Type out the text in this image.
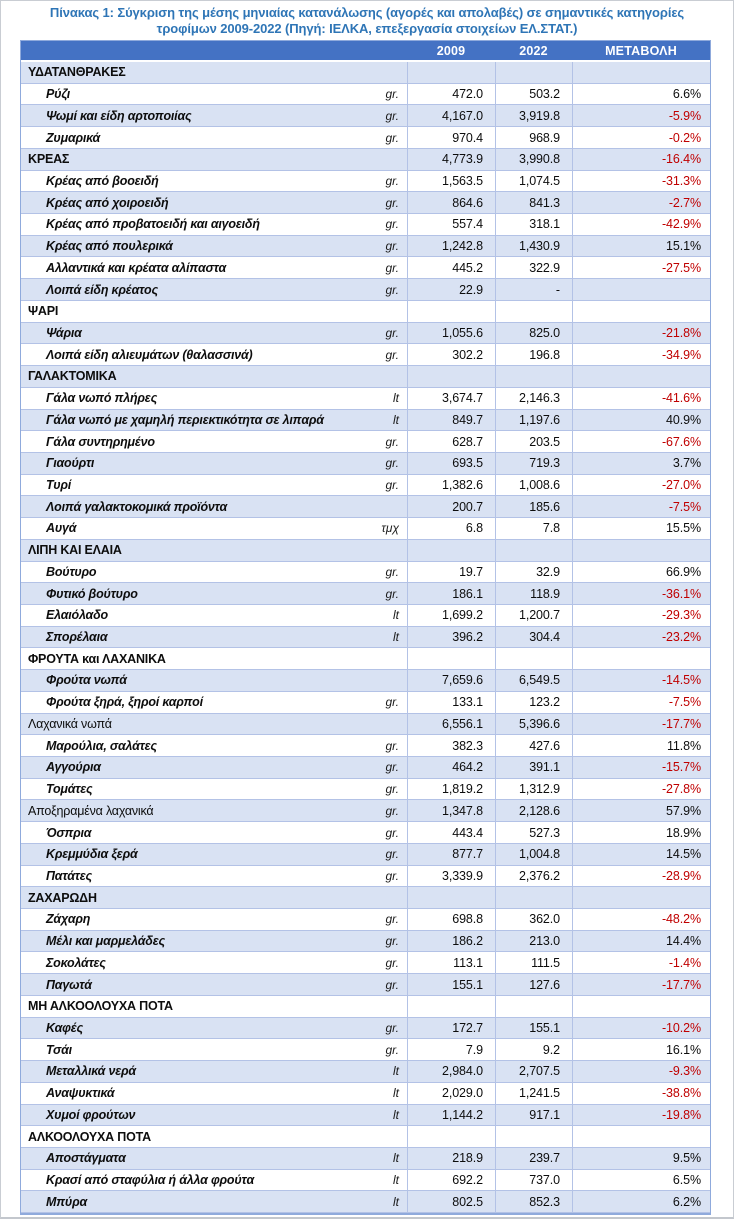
Πίνακας 1: Σύγκριση της μέσης μηνιαίας κατανάλωσης (αγορές και απολαβές) σε σημαντικές κατηγορίες
τροφίμων 2009-2022 (Πηγή: ΙΕΛΚΑ, επεξεργασία στοιχείων ΕΛ.ΣΤΑΤ.)
2009	2022	ΜΕΤΑΒΟΛΗ
ΥΔΑΤΑΝΘΡΑΚΕΣ
Ρύζι	gr.	472.0	503.2	6.6%
Ψωμί και είδη αρτοποιίας	gr.	4,167.0	3,919.8	-5.9%
Ζυμαρικά	gr.	970.4	968.9	-0.2%
ΚΡΕΑΣ	4,773.9	3,990.8	-16.4%
Κρέας από βοοειδή	gr.	1,563.5	1,074.5	-31.3%
Κρέας από χοιροειδή	gr.	864.6	841.3	-2.7%
Κρέας από προβατοειδή και αιγοειδή	gr.	557.4	318.1	-42.9%
Κρέας από πουλερικά	gr.	1,242.8	1,430.9	15.1%
Αλλαντικά και κρέατα αλίπαστα	gr.	445.2	322.9	-27.5%
Λοιπά είδη κρέατος	gr.	22.9	-
ΨΑΡΙ
Ψάρια	gr.	1,055.6	825.0	-21.8%
Λοιπά είδη αλιευμάτων (θαλασσινά)	gr.	302.2	196.8	-34.9%
ΓΑΛΑΚΤΟΜΙΚΑ
Γάλα νωπό πλήρες	lt	3,674.7	2,146.3	-41.6%
Γάλα νωπό με χαμηλή περιεκτικότητα σε λιπαρά	lt	849.7	1,197.6	40.9%
Γάλα συντηρημένο	gr.	628.7	203.5	-67.6%
Γιαούρτι	gr.	693.5	719.3	3.7%
Τυρί	gr.	1,382.6	1,008.6	-27.0%
Λοιπά γαλακτοκομικά προϊόντα	200.7	185.6	-7.5%
Αυγά	τμχ	6.8	7.8	15.5%
ΛΙΠΗ ΚΑΙ ΕΛΑΙΑ
Βούτυρο	gr.	19.7	32.9	66.9%
Φυτικό βούτυρο	gr.	186.1	118.9	-36.1%
Ελαιόλαδο	lt	1,699.2	1,200.7	-29.3%
Σπορέλαια	lt	396.2	304.4	-23.2%
ΦΡΟΥΤΑ και ΛΑΧΑΝΙΚΑ
Φρούτα νωπά	7,659.6	6,549.5	-14.5%
Φρούτα ξηρά, ξηροί καρποί	gr.	133.1	123.2	-7.5%
Λαχανικά νωπά	6,556.1	5,396.6	-17.7%
Μαρούλια, σαλάτες	gr.	382.3	427.6	11.8%
Αγγούρια	gr.	464.2	391.1	-15.7%
Τομάτες	gr.	1,819.2	1,312.9	-27.8%
Αποξηραμένα λαχανικά	gr.	1,347.8	2,128.6	57.9%
Όσπρια	gr.	443.4	527.3	18.9%
Κρεμμύδια ξερά	gr.	877.7	1,004.8	14.5%
Πατάτες	gr.	3,339.9	2,376.2	-28.9%
ΖΑΧΑΡΩΔΗ
Ζάχαρη	gr.	698.8	362.0	-48.2%
Μέλι και μαρμελάδες	gr.	186.2	213.0	14.4%
Σοκολάτες	gr.	113.1	111.5	-1.4%
Παγωτά	gr.	155.1	127.6	-17.7%
ΜΗ ΑΛΚΟΟΛΟΥΧΑ ΠΟΤΑ
Καφές	gr.	172.7	155.1	-10.2%
Τσάι	gr.	7.9	9.2	16.1%
Μεταλλικά νερά	lt	2,984.0	2,707.5	-9.3%
Αναψυκτικά	lt	2,029.0	1,241.5	-38.8%
Χυμοί φρούτων	lt	1,144.2	917.1	-19.8%
ΑΛΚΟΟΛΟΥΧΑ ΠΟΤΑ
Αποστάγματα	lt	218.9	239.7	9.5%
Κρασί από σταφύλια ή άλλα φρούτα	lt	692.2	737.0	6.5%
Μπύρα	lt	802.5	852.3	6.2%
